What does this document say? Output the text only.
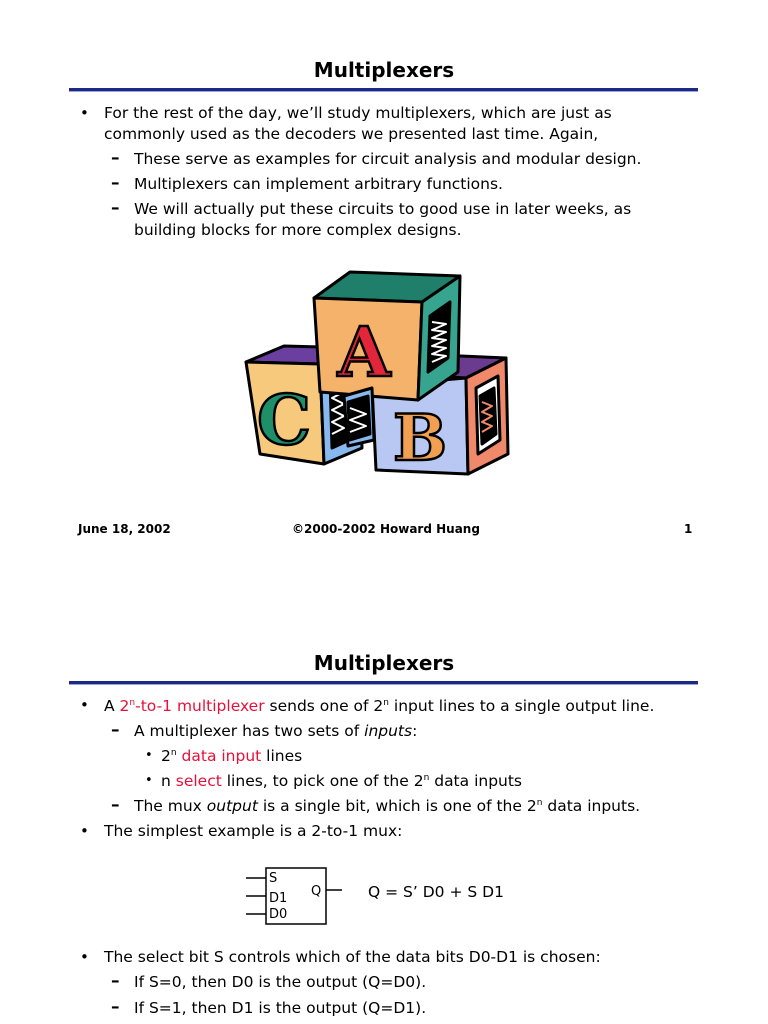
Multiplexers
• For the rest of the day, we’ll study multiplexers, which are just as
commonly used as the decoders we presented last time. Again,
– These serve as examples for circuit analysis and modular design.
– Multiplexers can implement arbitrary functions.
– We will actually put these circuits to good use in later weeks, as
building blocks for more complex designs.
A
C B
June 18, 2002	©2000-2002 Howard Huang	1
Multiplexers
• A 2$^n$-to-1 multiplexer sends one of 2$^n$ input lines to a single output line.
– A multiplexer has two sets of inputs:
• 2$^n$ data input lines
• n select lines, to pick one of the 2$^n$ data inputs
– The mux output is a single bit, which is one of the 2$^n$ data inputs.
• The simplest example is a 2-to-1 mux:
S
D1
D0
Q	Q = S’ D0 + S D1
• The select bit S controls which of the data bits D0-D1 is chosen:
– If S=0, then D0 is the output (Q=D0).
– If S=1, then D1 is the output (Q=D1).
